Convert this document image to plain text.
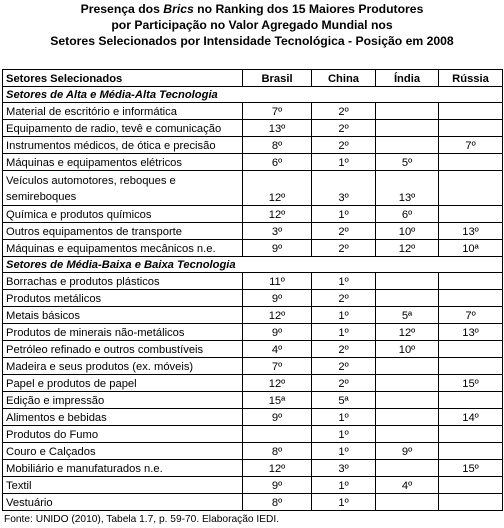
Presença dos Brics no Ranking dos 15 Maiores Produtores
por Participação no Valor Agregado Mundial nos
Setores Selecionados por Intensidade Tecnológica - Posição em 2008
Setores Selecionados	Brasil	China	Índia	Rússia
Setores de Alta e Média-Alta Tecnologia				
Material de escritório e informática	7º	2º		
Equipamento de radio, tevê e comunicação	13º	2º		
Instrumentos médicos, de ótica e precisão	8º	2º		7º
Máquinas e equipamentos elétricos	6º	1º	5º	
Veículos automotores, reboques e semireboques	12º	3º	13º	
Química e produtos químicos	12º	1º	6º	
Outros equipamentos de transporte	3º	2º	10º	13º
Máquinas e equipamentos mecânicos n.e.	9º	2º	12º	10ª
Setores de Média-Baixa e Baixa Tecnologia				
Borrachas e produtos plásticos	11º	1º		
Produtos metálicos	9º	2º		
Metais básicos	12º	1º	5ª	7º
Produtos de minerais não-metálicos	9º	1º	12º	13º
Petróleo refinado e outros combustíveis	4º	2º	10º	
Madeira e seus produtos (ex. móveis)	7º	2º		
Papel e produtos de papel	12º	2º		15º
Edição e impressão	15ª	5ª		
Alimentos e bebidas	9º	1º		14º
Produtos do Fumo		1º		
Couro e Calçados	8º	1º	9º	
Mobiliário e manufaturados n.e.	12º	3º		15º
Textil	9º	1º	4º	
Vestuário	8º	1º		
Fonte: UNIDO (2010), Tabela 1.7, p. 59-70. Elaboração IEDI.
